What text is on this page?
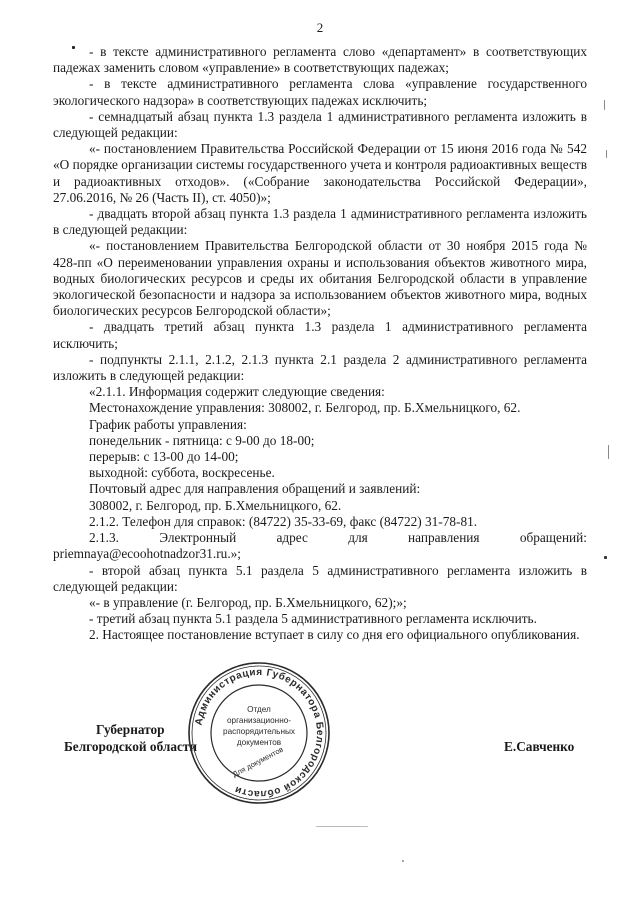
2

- в тексте административного регламента слово «департамент» в соответствующих падежах заменить словом «управление» в соответствующих падежах;

- в тексте административного регламента слова «управление государственного экологического надзора» в соответствующих падежах исключить;

- семнадцатый абзац пункта 1.3 раздела 1 административного регламента изложить в следующей редакции:

«- постановлением Правительства Российской Федерации от 15 июня 2016 года № 542 «О порядке организации системы государственного учета и контроля радиоактивных веществ и радиоактивных отходов». («Собрание законодательства Российской Федерации», 27.06.2016, № 26 (Часть II), ст. 4050)»;

- двадцать второй абзац пункта 1.3 раздела 1 административного регламента изложить в следующей редакции:

«- постановлением Правительства Белгородской области от 30 ноября 2015 года № 428-пп «О переименовании управления охраны и использования объектов животного мира, водных биологических ресурсов и среды их обитания Белгородской области в управление экологической безопасности и надзора за использованием объектов животного мира, водных биологических ресурсов Белгородской области»;

- двадцать третий абзац пункта 1.3 раздела 1 административного регламента исключить;

- подпункты 2.1.1, 2.1.2, 2.1.3 пункта 2.1 раздела 2 административного регламента изложить в следующей редакции:

«2.1.1. Информация содержит следующие сведения:

Местонахождение управления: 308002, г. Белгород, пр. Б.Хмельницкого, 62.

График работы управления:

понедельник - пятница: с 9-00 до 18-00;

перерыв: с 13-00 до 14-00;

выходной: суббота, воскресенье.

Почтовый адрес для направления обращений и заявлений:

308002, г. Белгород, пр. Б.Хмельницкого, 62.

2.1.2. Телефон для справок: (84722) 35-33-69, факс (84722) 31-78-81.

2.1.3. Электронный адрес для направления обращений: priemnaya@ecoohotnadzor31.ru.»;

- второй абзац пункта 5.1 раздела 5 административного регламента изложить в следующей редакции:

«- в управление (г. Белгород, пр. Б.Хмельницкого, 62);»;

- третий абзац пункта 5.1 раздела 5 административного регламента исключить.

2. Настоящее постановление вступает в силу со дня его официального опубликования.

Губернатор
Белгородской области	Е.Савченко
Администрация Губернатора Белгородской области
Отдел
организационно-
распорядительных
документов
Для документов
